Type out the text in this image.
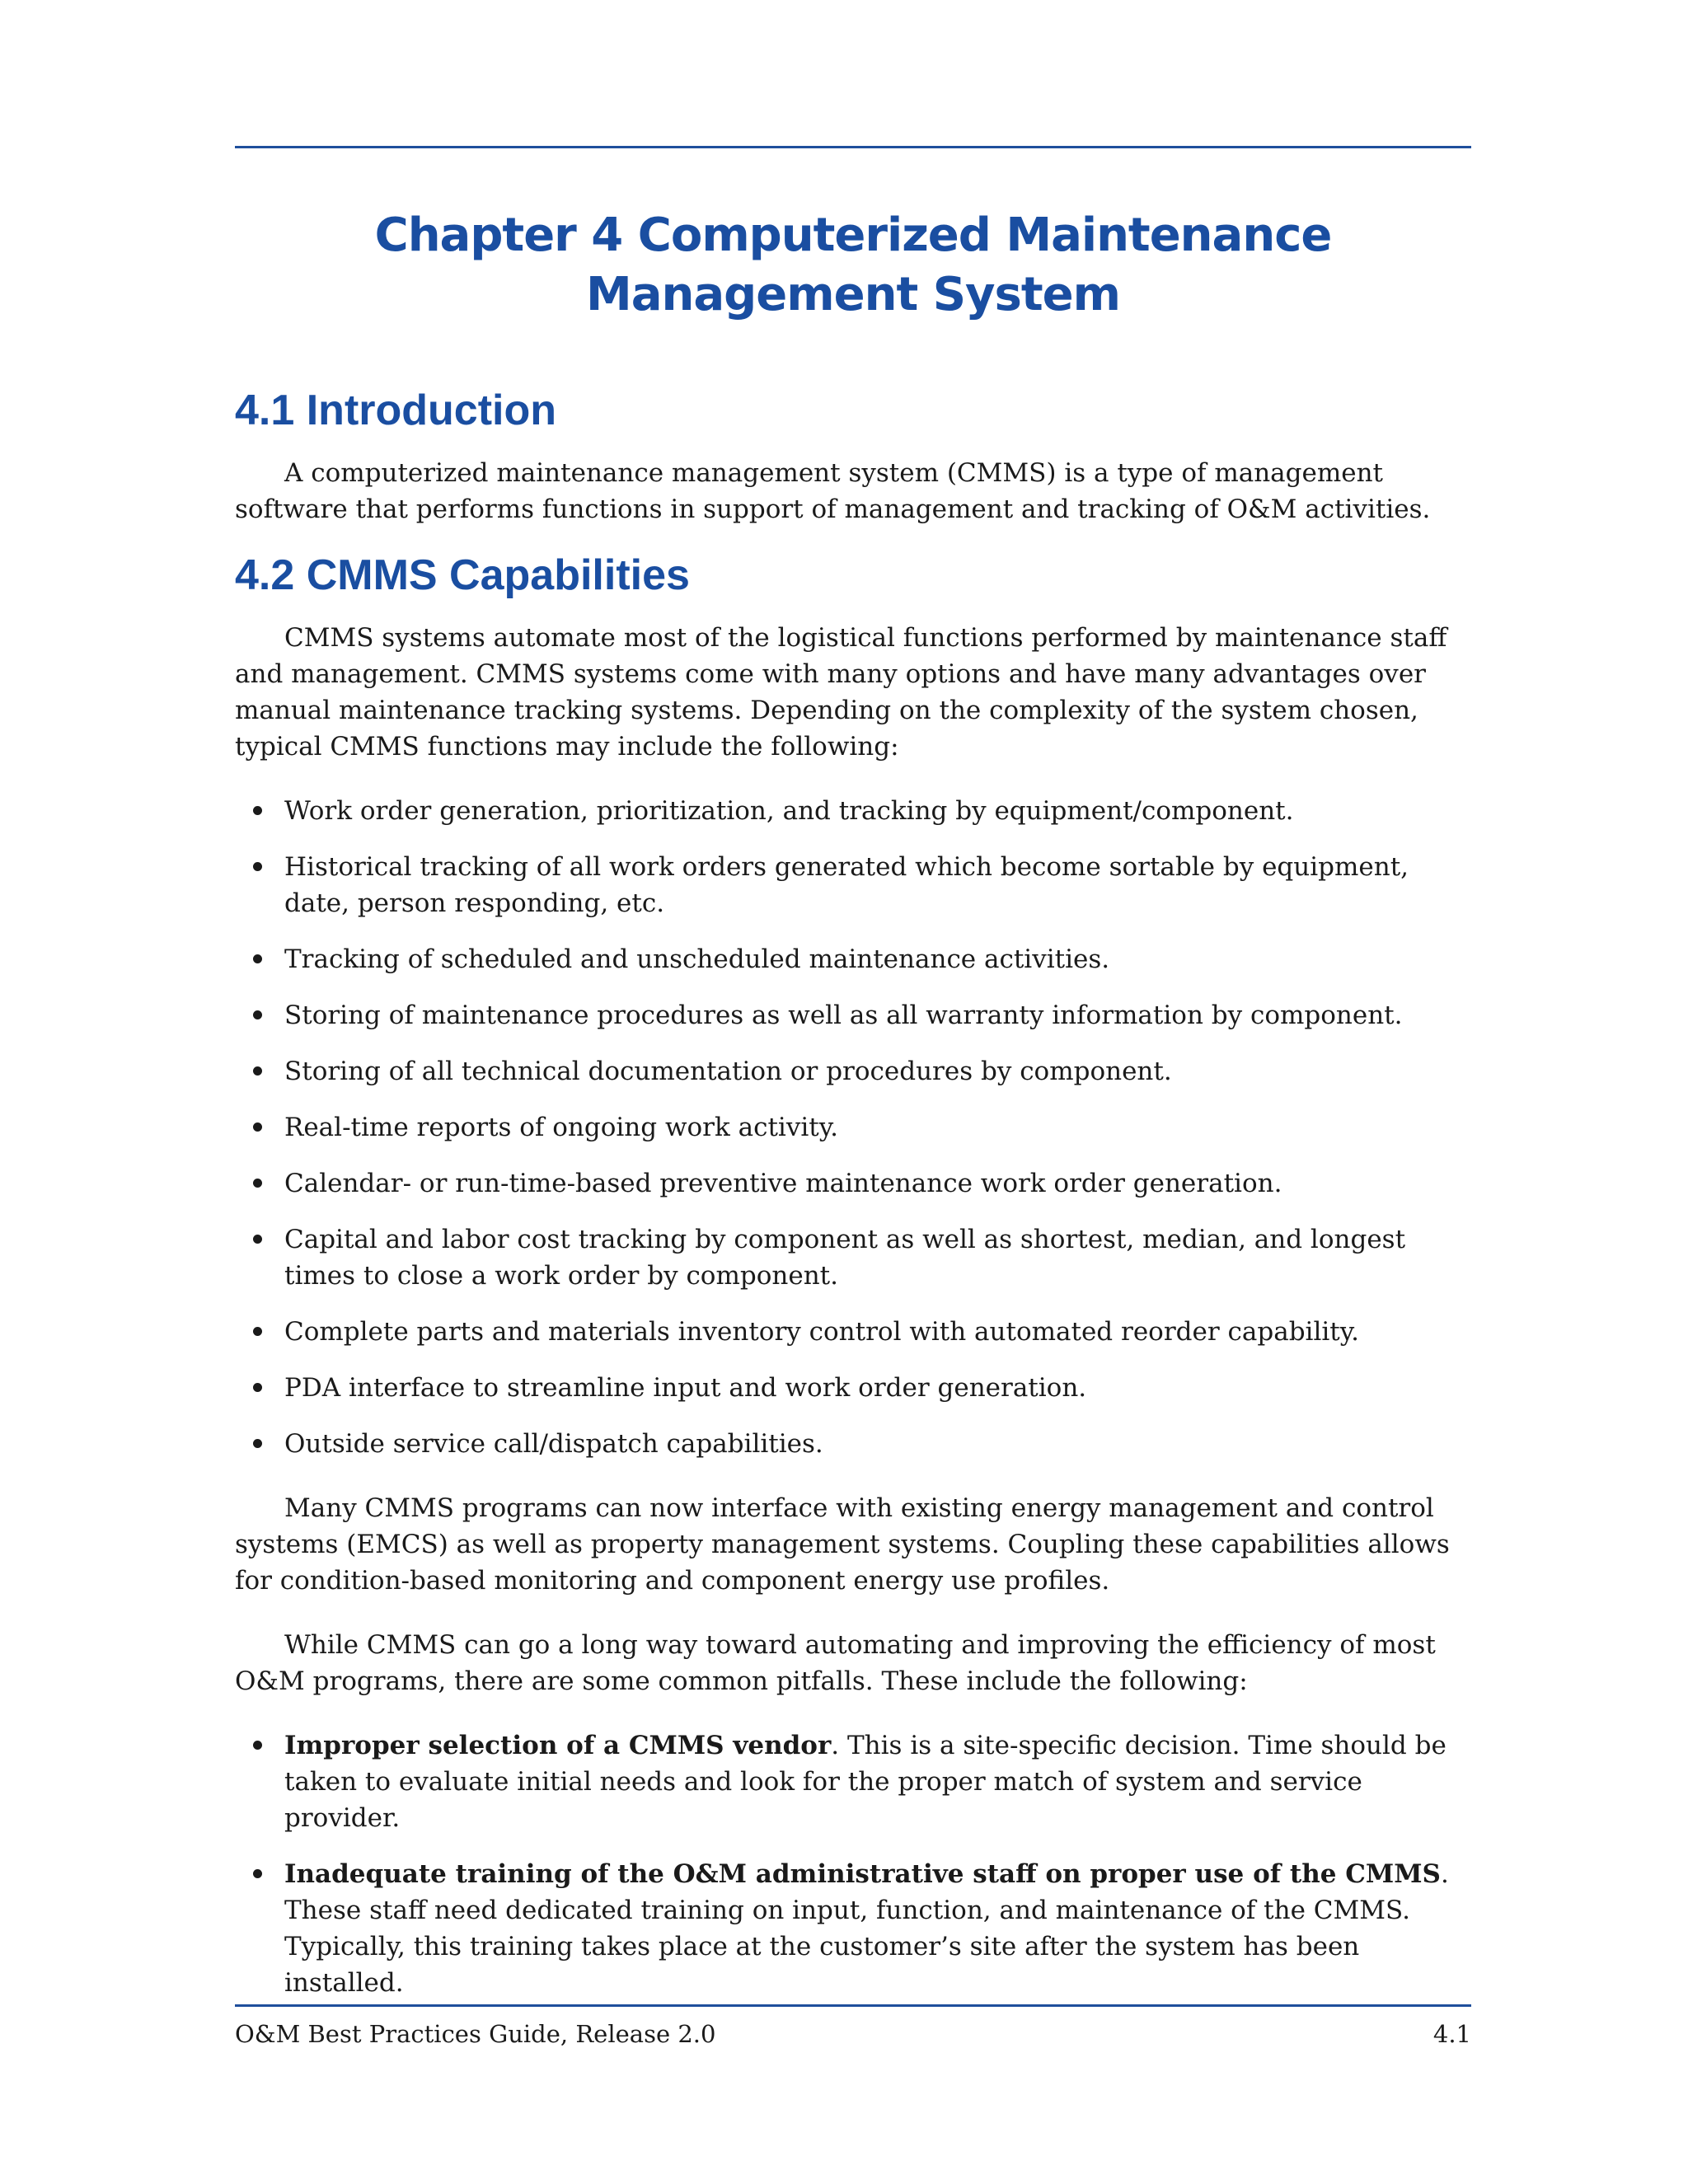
Chapter 4 Computerized Maintenance
Management System
4.1 Introduction

A computerized maintenance management system (CMMS) is a type of management software that performs functions in support of management and tracking of O&M activities.

4.2 CMMS Capabilities

CMMS systems automate most of the logistical functions performed by maintenance staff and management. CMMS systems come with many options and have many advantages over manual maintenance tracking systems. Depending on the complexity of the system chosen, typical CMMS functions may include the following:

Work order generation, prioritization, and tracking by equipment/component.
Historical tracking of all work orders generated which become sortable by equipment, date, person responding, etc.
Tracking of scheduled and unscheduled maintenance activities.
Storing of maintenance procedures as well as all warranty information by component.
Storing of all technical documentation or procedures by component.
Real-time reports of ongoing work activity.
Calendar- or run-time-based preventive maintenance work order generation.
Capital and labor cost tracking by component as well as shortest, median, and longest times to close a work order by component.
Complete parts and materials inventory control with automated reorder capability.
PDA interface to streamline input and work order generation.
Outside service call/dispatch capabilities.

Many CMMS programs can now interface with existing energy management and control systems (EMCS) as well as property management systems. Coupling these capabilities allows for condition-based monitoring and component energy use profiles.

While CMMS can go a long way toward automating and improving the efficiency of most O&M programs, there are some common pitfalls. These include the following:

Improper selection of a CMMS vendor. This is a site-specific decision. Time should be taken to evaluate initial needs and look for the proper match of system and service provider.
Inadequate training of the O&M administrative staff on proper use of the CMMS. These staff need dedicated training on input, function, and maintenance of the CMMS. Typically, this training takes place at the customer’s site after the system has been installed.
O&M Best Practices Guide, Release 2.0	4.1
